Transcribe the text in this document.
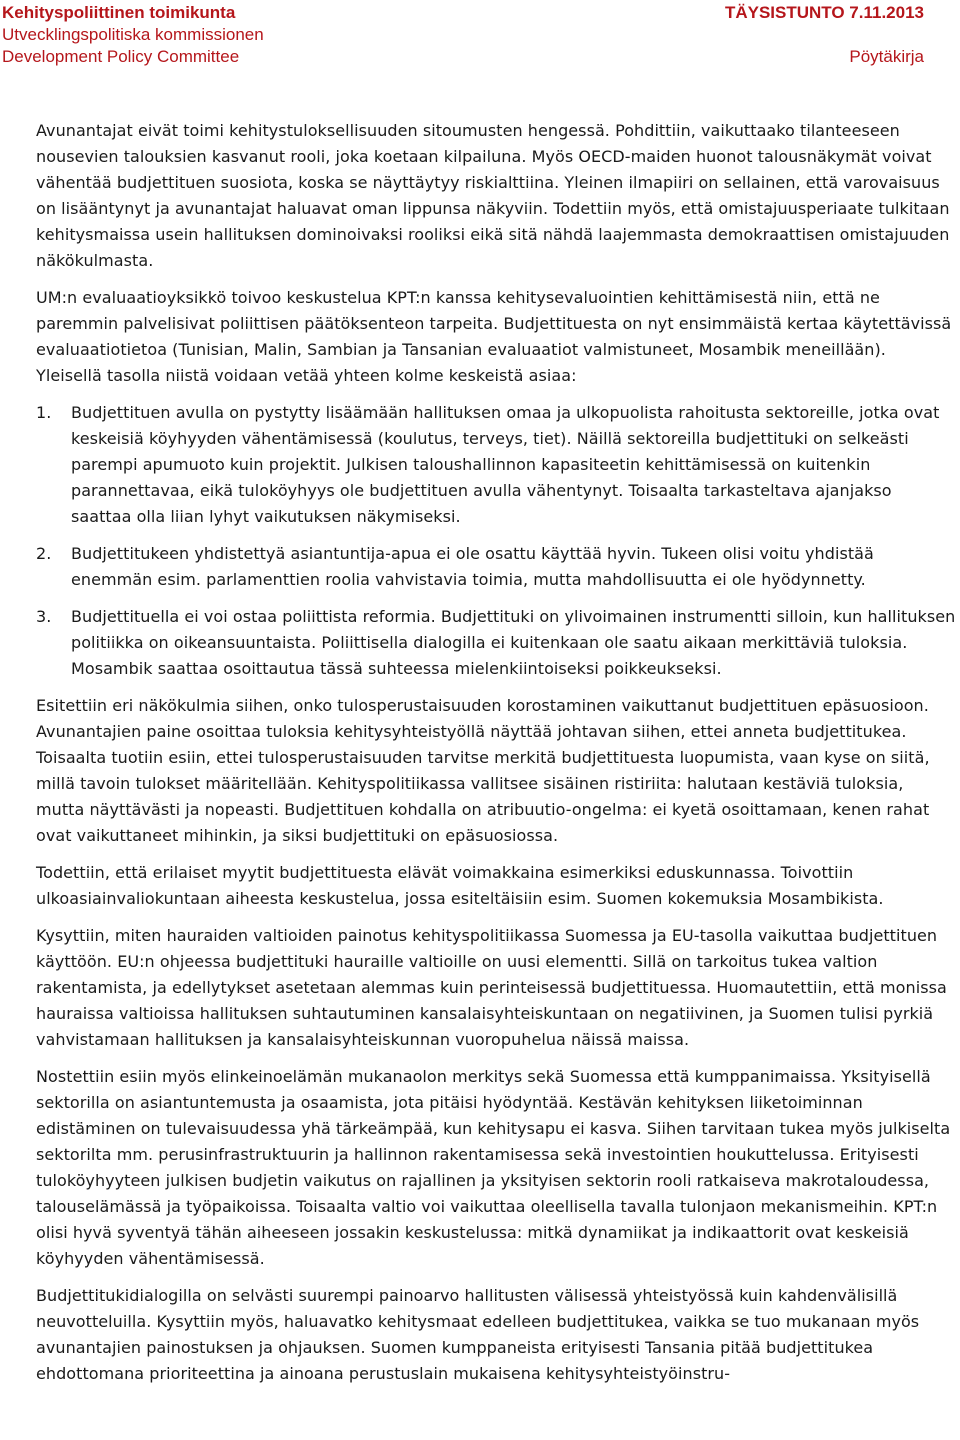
Kehityspoliittinen toimikunta
Utvecklingspolitiska kommissionen
Development Policy Committee
TÄYSISTUNTO 7.11.2013
Pöytäkirja

Avunantajat eivät toimi kehitystuloksellisuuden sitoumusten hengessä. Pohdittiin, vaikuttaako tilanteeseen nousevien talouksien kasvanut rooli, joka koetaan kilpailuna. Myös OECD-maiden huonot talousnäkymät voivat vähentää budjettituen suosiota, koska se näyttäytyy riskialttiina. Yleinen ilmapiiri on sellainen, että varovaisuus on lisääntynyt ja avunantajat haluavat oman lippunsa näkyviin. Todettiin myös, että omistajuusperiaate tulkitaan kehitysmaissa usein hallituksen dominoivaksi rooliksi eikä sitä nähdä laajemmasta demokraattisen omistajuuden näkökulmasta.

UM:n evaluaatioyksikkö toivoo keskustelua KPT:n kanssa kehitysevaluointien kehittämisestä niin, että ne paremmin palvelisivat poliittisen päätöksenteon tarpeita. Budjettituesta on nyt ensimmäistä kertaa käytettävissä evaluaatiotietoa (Tunisian, Malin, Sambian ja Tansanian evaluaatiot valmistuneet, Mosambik meneillään). Yleisellä tasolla niistä voidaan vetää yhteen kolme keskeistä asiaa:

1. Budjettituen avulla on pystytty lisäämään hallituksen omaa ja ulkopuolista rahoitusta sektoreille, jotka ovat keskeisiä köyhyyden vähentämisessä (koulutus, terveys, tiet). Näillä sektoreilla budjettituki on selkeästi parempi apumuoto kuin projektit. Julkisen taloushallinnon kapasiteetin kehittämisessä on kuitenkin parannettavaa, eikä tuloköyhyys ole budjettituen avulla vähentynyt. Toisaalta tarkasteltava ajanjakso saattaa olla liian lyhyt vaikutuksen näkymiseksi.
2. Budjettitukeen yhdistettyä asiantuntija-apua ei ole osattu käyttää hyvin. Tukeen olisi voitu yhdistää enemmän esim. parlamenttien roolia vahvistavia toimia, mutta mahdollisuutta ei ole hyödynnetty.
3. Budjettituella ei voi ostaa poliittista reformia. Budjettituki on ylivoimainen instrumentti silloin, kun hallituksen politiikka on oikeansuuntaista. Poliittisella dialogilla ei kuitenkaan ole saatu aikaan merkittäviä tuloksia. Mosambik saattaa osoittautua tässä suhteessa mielenkiintoiseksi poikkeukseksi.

Esitettiin eri näkökulmia siihen, onko tulosperustaisuuden korostaminen vaikuttanut budjettituen epäsuosioon. Avunantajien paine osoittaa tuloksia kehitysyhteistyöllä näyttää johtavan siihen, ettei anneta budjettitukea. Toisaalta tuotiin esiin, ettei tulosperustaisuuden tarvitse merkitä budjettituesta luopumista, vaan kyse on siitä, millä tavoin tulokset määritellään. Kehityspolitiikassa vallitsee sisäinen ristiriita: halutaan kestäviä tuloksia, mutta näyttävästi ja nopeasti. Budjettituen kohdalla on atribuutio-ongelma: ei kyetä osoittamaan, kenen rahat ovat vaikuttaneet mihinkin, ja siksi budjettituki on epäsuosiossa.

Todettiin, että erilaiset myytit budjettituesta elävät voimakkaina esimerkiksi eduskunnassa. Toivottiin ulkoasiainvaliokuntaan aiheesta keskustelua, jossa esiteltäisiin esim. Suomen kokemuksia Mosambikista.

Kysyttiin, miten hauraiden valtioiden painotus kehityspolitiikassa Suomessa ja EU-tasolla vaikuttaa budjettituen käyttöön. EU:n ohjeessa budjettituki hauraille valtioille on uusi elementti. Sillä on tarkoitus tukea valtion rakentamista, ja edellytykset asetetaan alemmas kuin perinteisessä budjettituessa. Huomautettiin, että monissa hauraissa valtioissa hallituksen suhtautuminen kansalaisyhteiskuntaan on negatiivinen, ja Suomen tulisi pyrkiä vahvistamaan hallituksen ja kansalaisyhteiskunnan vuoropuhelua näissä maissa.

Nostettiin esiin myös elinkeinoelämän mukanaolon merkitys sekä Suomessa että kumppanimaissa. Yksityisellä sektorilla on asiantuntemusta ja osaamista, jota pitäisi hyödyntää. Kestävän kehityksen liiketoiminnan edistäminen on tulevaisuudessa yhä tärkeämpää, kun kehitysapu ei kasva. Siihen tarvitaan tukea myös julkiselta sektorilta mm. perusinfrastruktuurin ja hallinnon rakentamisessa sekä investointien houkuttelussa. Erityisesti tuloköyhyyteen julkisen budjetin vaikutus on rajallinen ja yksityisen sektorin rooli ratkaiseva makrotaloudessa, talouselämässä ja työpaikoissa. Toisaalta valtio voi vaikuttaa oleellisella tavalla tulonjaon mekanismeihin. KPT:n olisi hyvä syventyä tähän aiheeseen jossakin keskustelussa: mitkä dynamiikat ja indikaattorit ovat keskeisiä köyhyyden vähentämisessä.

Budjettitukidialogilla on selvästi suurempi painoarvo hallitusten välisessä yhteistyössä kuin kahdenvälisillä neuvotteluilla. Kysyttiin myös, haluavatko kehitysmaat edelleen budjettitukea, vaikka se tuo mukanaan myös avunantajien painostuksen ja ohjauksen. Suomen kumppaneista erityisesti Tansania pitää budjettitukea ehdottomana prioriteettina ja ainoana perustuslain mukaisena kehitysyhteistyöinstru-
